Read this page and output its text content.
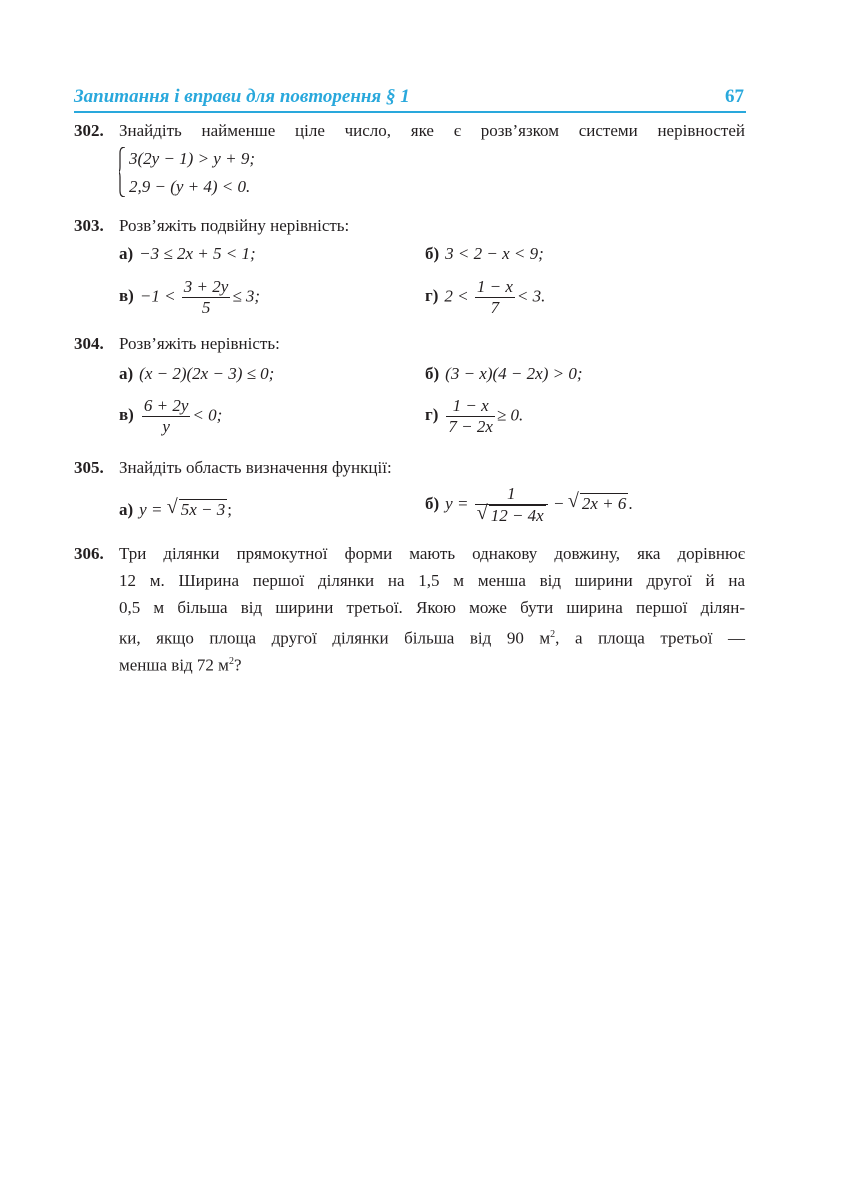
Запитання і вправи для повторення § 1	67
302. Знайдіть найменше ціле число, яке є розв’язком системи нерівностей
3(2y − 1) > y + 9;
2,9 − (y + 4) < 0.
303. Розв’яжіть подвійну нерівність:
а) −3 ≤ 2x + 5 < 1;	б) 3 < 2 − x < 9;
$в) -1 < \frac{3 + 2y}{5} \le 3$;	г) $2 < \frac{1 - x}{7} < 3$.
304. Розв’яжіть нерівність:
а) (x − 2)(2x − 3) ≤ 0;	б) (3 − x)(4 − 2x) > 0;
$в) \frac{6 + 2y}{y} < 0$;	$г) \frac{1 - x}{7 - 2x} \ge 0$.
305. Знайдіть область визначення функції:
а) y = √ 5x − 3 ;	б) $y = \frac{1}{√ 12 - 4x}$ − √ 2x + 6 .
306. Три ділянки прямокутної форми мають однакову довжину, яка дорівнює
12 м. Ширина першої ділянки на 1,5 м менша від ширини другої й на
0,5 м більша від ширини третьої. Якою може бути ширина першої ділян-
ки, якщо площа другої ділянки більша від 90 $м^2$, а площа третьої —
менша від 72 $м^2$?
